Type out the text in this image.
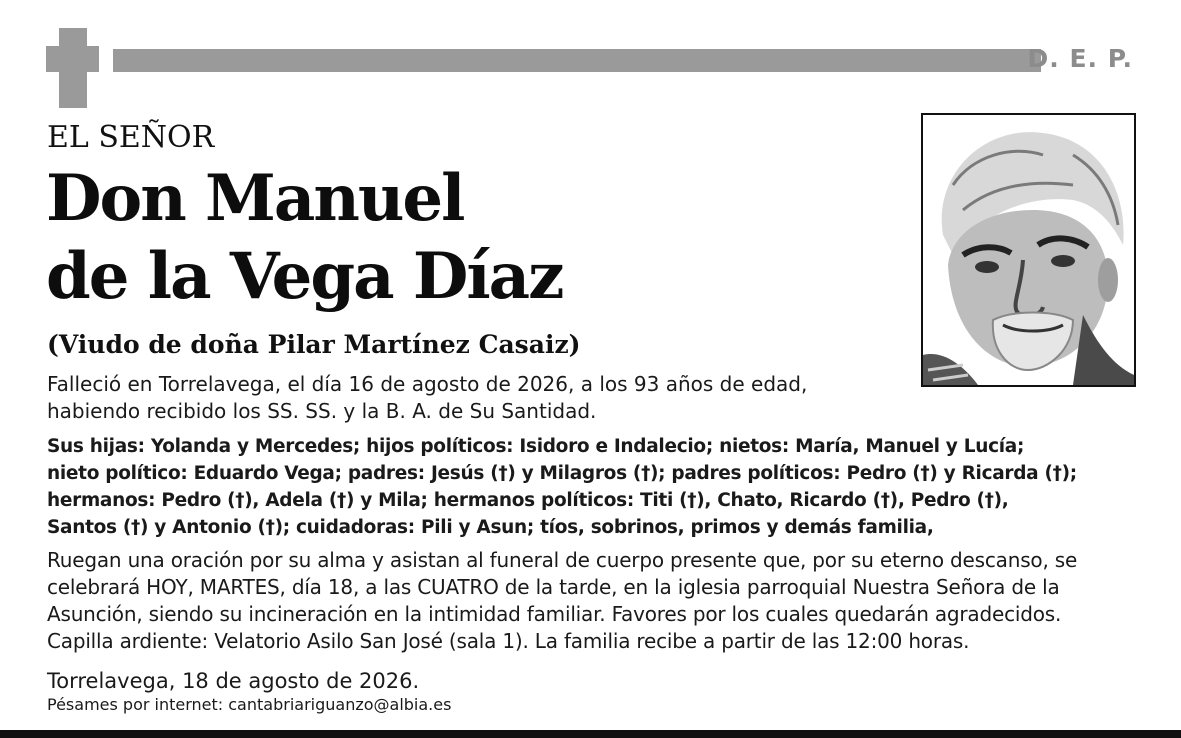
D. E. P.
EL SEÑOR
Don Manuel
de la Vega Díaz
(Viudo de doña Pilar Martínez Casaiz)
Falleció en Torrelavega, el día 16 de agosto de 2026, a los 93 años de edad,
habiendo recibido los SS. SS. y la B. A. de Su Santidad.
Sus hijas: Yolanda y Mercedes; hijos políticos: Isidoro e Indalecio; nietos: María, Manuel y Lucía;
nieto político: Eduardo Vega; padres: Jesús (†) y Milagros (†); padres políticos: Pedro (†) y Ricarda (†);
hermanos: Pedro (†), Adela (†) y Mila; hermanos políticos: Titi (†), Chato, Ricardo (†), Pedro (†),
Santos (†) y Antonio (†); cuidadoras: Pili y Asun; tíos, sobrinos, primos y demás familia,
Ruegan una oración por su alma y asistan al funeral de cuerpo presente que, por su eterno descanso, se
celebrará HOY, MARTES, día 18, a las CUATRO de la tarde, en la iglesia parroquial Nuestra Señora de la
Asunción, siendo su incineración en la intimidad familiar. Favores por los cuales quedarán agradecidos.
Capilla ardiente: Velatorio Asilo San José (sala 1). La familia recibe a partir de las 12:00 horas.
Torrelavega, 18 de agosto de 2026.
Pésames por internet: cantabriariguanzo@albia.es
